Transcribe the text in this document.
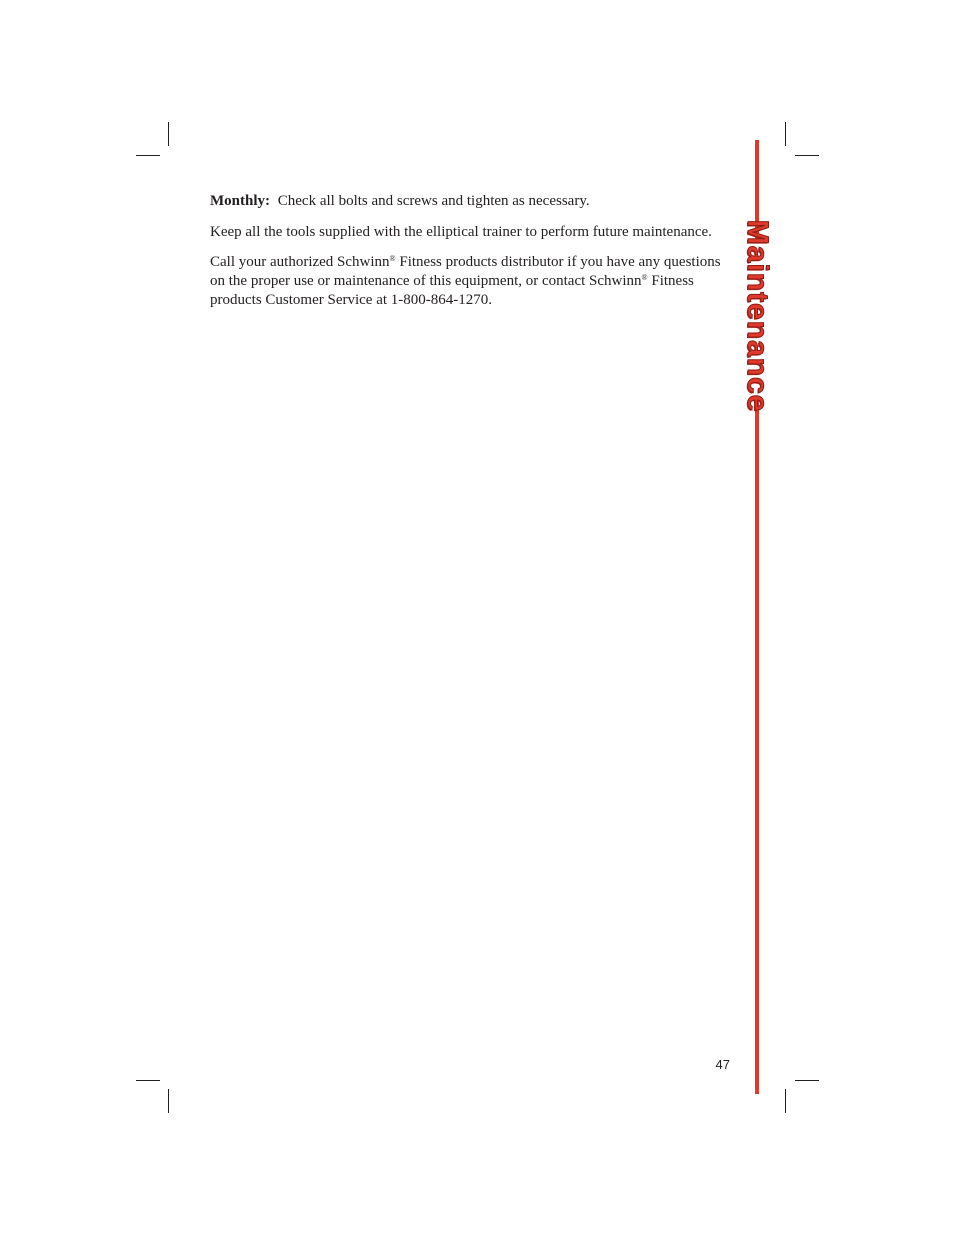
Maintenance

Monthly: Check all bolts and screws and tighten as necessary.

Keep all the tools supplied with the elliptical trainer to perform future maintenance.

Call your authorized Schwinn® Fitness products distributor if you have any questions on the proper use or maintenance of this equipment, or contact Schwinn® Fitness products Customer Service at 1-800-864-1270.

47
